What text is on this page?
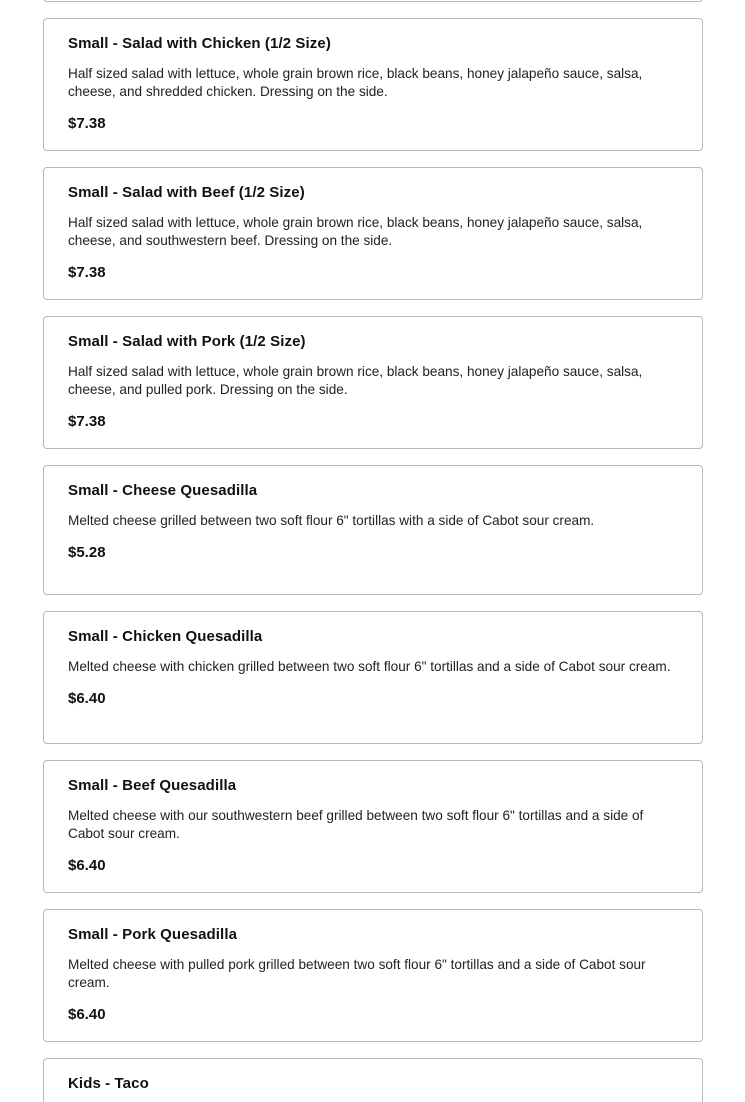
Small - Salad with Chicken (1/2 Size)
Half sized salad with lettuce, whole grain brown rice, black beans, honey jalapeño sauce, salsa, cheese, and shredded chicken. Dressing on the side.
$7.38
Small - Salad with Beef (1/2 Size)
Half sized salad with lettuce, whole grain brown rice, black beans, honey jalapeño sauce, salsa, cheese, and southwestern beef. Dressing on the side.
$7.38
Small - Salad with Pork (1/2 Size)
Half sized salad with lettuce, whole grain brown rice, black beans, honey jalapeño sauce, salsa, cheese, and pulled pork. Dressing on the side.
$7.38
Small - Cheese Quesadilla
Melted cheese grilled between two soft flour 6" tortillas with a side of Cabot sour cream.
$5.28
Small - Chicken Quesadilla
Melted cheese with chicken grilled between two soft flour 6" tortillas and a side of Cabot sour cream.
$6.40
Small - Beef Quesadilla
Melted cheese with our southwestern beef grilled between two soft flour 6" tortillas and a side of Cabot sour cream.
$6.40
Small - Pork Quesadilla
Melted cheese with pulled pork grilled between two soft flour 6" tortillas and a side of Cabot sour cream.
$6.40
Kids - Taco
